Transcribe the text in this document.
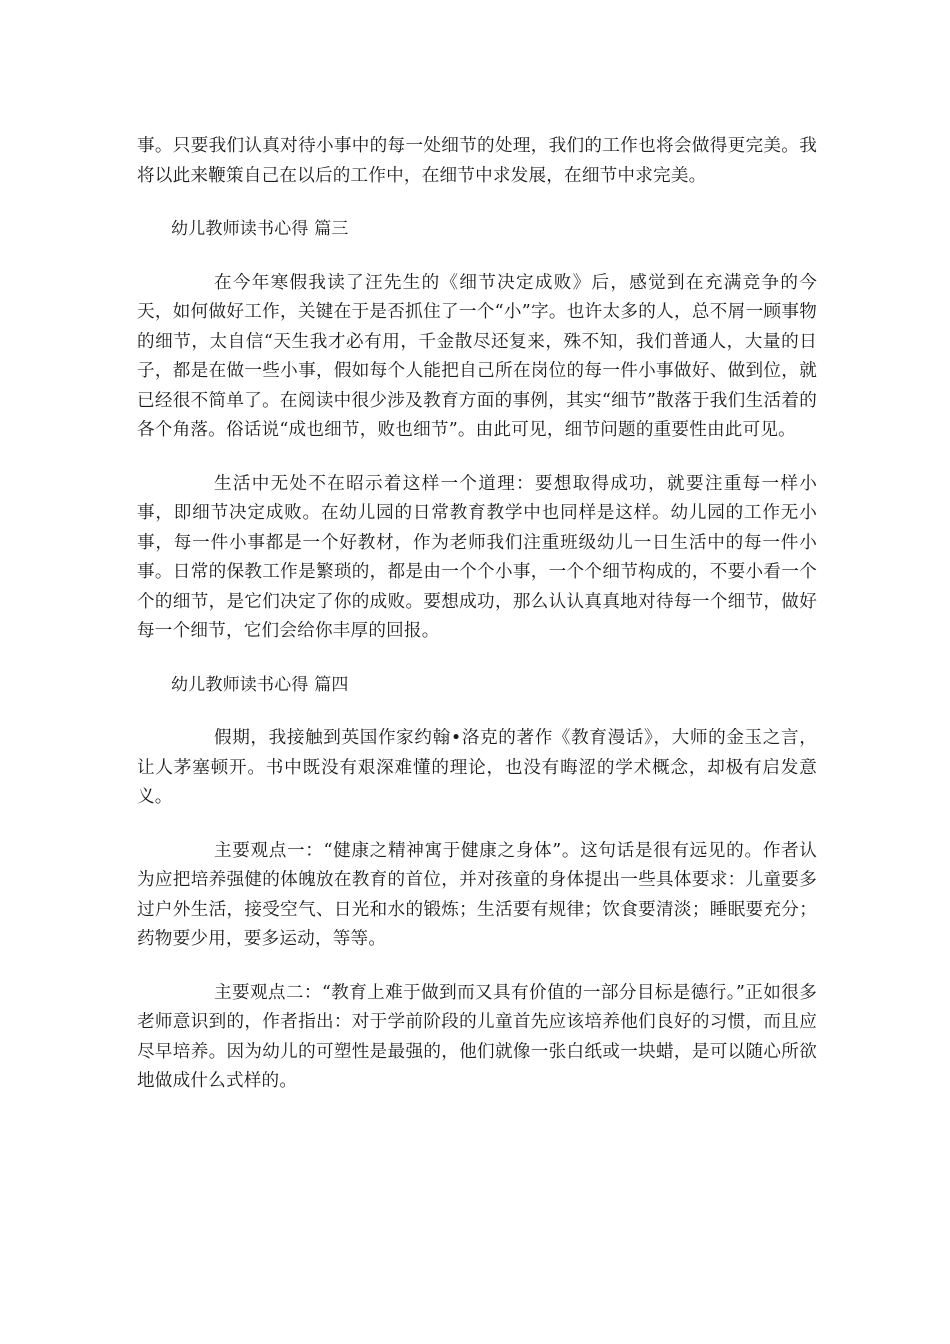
事。只要我们认真对待小事中的每一处细节的处理，我们的工作也将会做得更完美。我将以此来鞭策自己在以后的工作中，在细节中求发展，在细节中求完美。

幼儿教师读书心得 篇三

在今年寒假我读了汪先生的《细节决定成败》后，感觉到在充满竞争的今天，如何做好工作，关键在于是否抓住了一个“小”字。也许太多的人，总不屑一顾事物的细节，太自信“天生我才必有用，千金散尽还复来，殊不知，我们普通人，大量的日子，都是在做一些小事，假如每个人能把自己所在岗位的每一件小事做好、做到位，就已经很不简单了。在阅读中很少涉及教育方面的事例，其实“细节”散落于我们生活着的各个角落。俗话说“成也细节，败也细节”。由此可见，细节问题的重要性由此可见。

生活中无处不在昭示着这样一个道理：要想取得成功，就要注重每一样小事，即细节决定成败。在幼儿园的日常教育教学中也同样是这样。幼儿园的工作无小事，每一件小事都是一个好教材，作为老师我们注重班级幼儿一日生活中的每一件小事。日常的保教工作是繁琐的，都是由一个个小事，一个个细节构成的，不要小看一个个的细节，是它们决定了你的成败。要想成功，那么认认真真地对待每一个细节，做好每一个细节，它们会给你丰厚的回报。

幼儿教师读书心得 篇四

假期，我接触到英国作家约翰•洛克的著作《教育漫话》，大师的金玉之言，让人茅塞顿开。书中既没有艰深难懂的理论，也没有晦涩的学术概念，却极有启发意义。

主要观点一：“健康之精神寓于健康之身体”。这句话是很有远见的。作者认为应把培养强健的体魄放在教育的首位，并对孩童的身体提出一些具体要求：儿童要多过户外生活，接受空气、日光和水的锻炼；生活要有规律；饮食要清淡；睡眠要充分；药物要少用，要多运动，等等。

主要观点二：“教育上难于做到而又具有价值的一部分目标是德行。”正如很多老师意识到的，作者指出：对于学前阶段的儿童首先应该培养他们良好的习惯，而且应尽早培养。因为幼儿的可塑性是最强的，他们就像一张白纸或一块蜡，是可以随心所欲地做成什么式样的。
